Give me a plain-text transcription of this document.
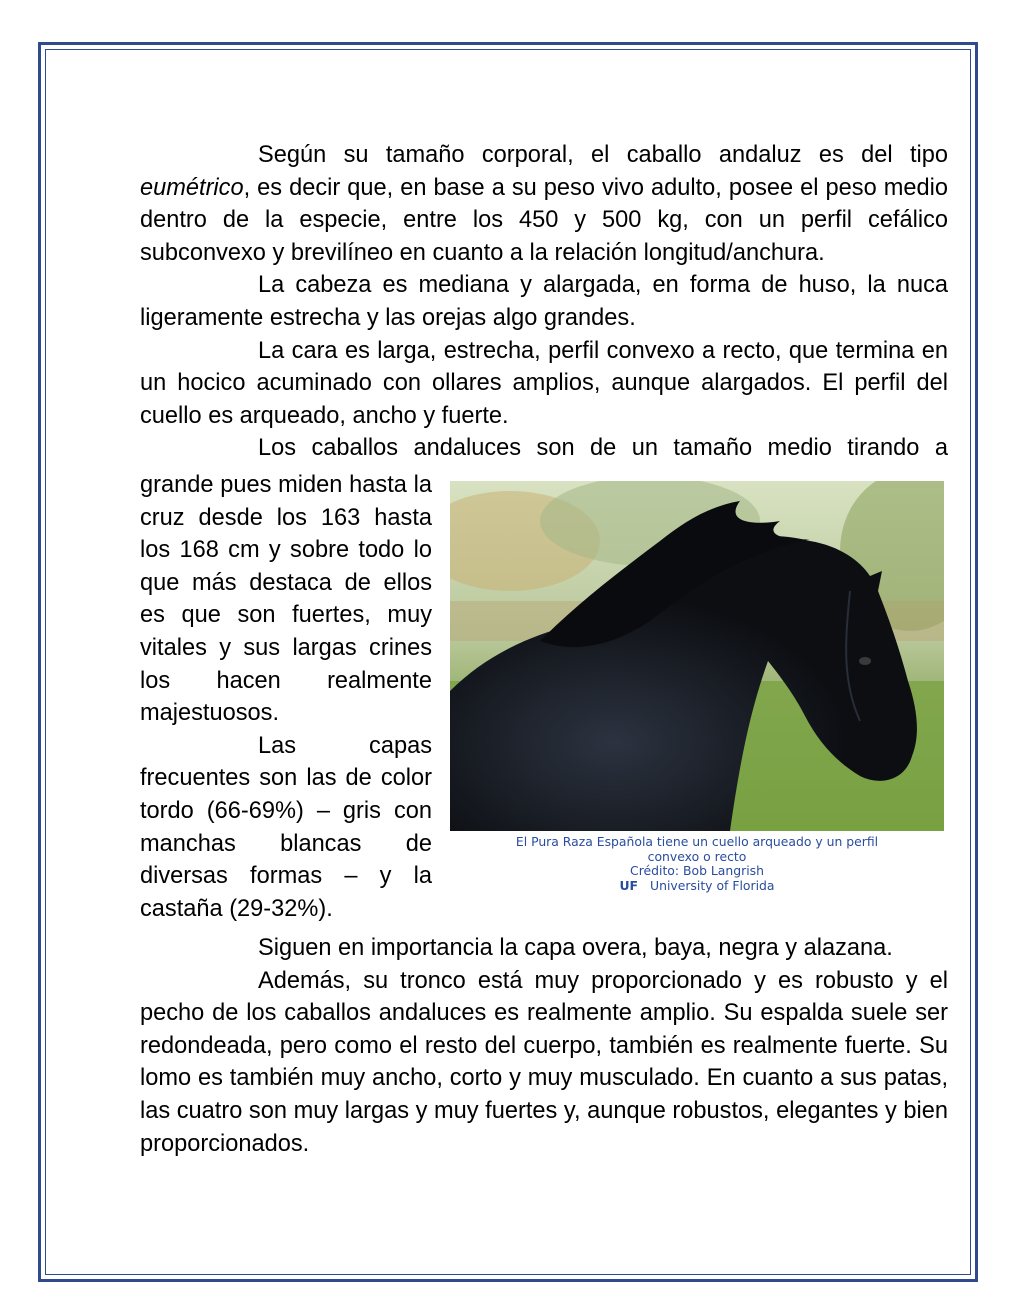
Según su tamaño corporal, el caballo andaluz es del tipo eumétrico, es decir que, en base a su peso vivo adulto, posee el peso medio dentro de la especie, entre los 450 y 500 kg, con un perfil cefálico subconvexo y brevilíneo en cuanto a la relación longitud/anchura.

La cabeza es mediana y alargada, en forma de huso, la nuca ligeramente estrecha y las orejas algo grandes.

La cara es larga, estrecha, perfil convexo a recto, que termina en un hocico acuminado con ollares amplios, aunque alargados. El perfil del cuello es arqueado, ancho y fuerte.

Los caballos andaluces son de un tamaño medio tirando a

grande pues miden hasta la cruz desde los 163 hasta los 168 cm y sobre todo lo que más destaca de ellos es que son fuertes, muy vitales y sus largas crines los hacen realmente majestuosos.

Las capas frecuentes son las de color tordo (66-69%) – gris con manchas blancas de diversas formas – y la castaña (29-32%).

El Pura Raza Española tiene un cuello arqueado y un perfil
convexo o recto
Crédito: Bob Langrish
UF University of Florida

Siguen en importancia la capa overa, baya, negra y alazana.

Además, su tronco está muy proporcionado y es robusto y el pecho de los caballos andaluces es realmente amplio. Su espalda suele ser redondeada, pero como el resto del cuerpo, también es realmente fuerte. Su lomo es también muy ancho, corto y muy musculado. En cuanto a sus patas, las cuatro son muy largas y muy fuertes y, aunque robustos, elegantes y bien proporcionados.
